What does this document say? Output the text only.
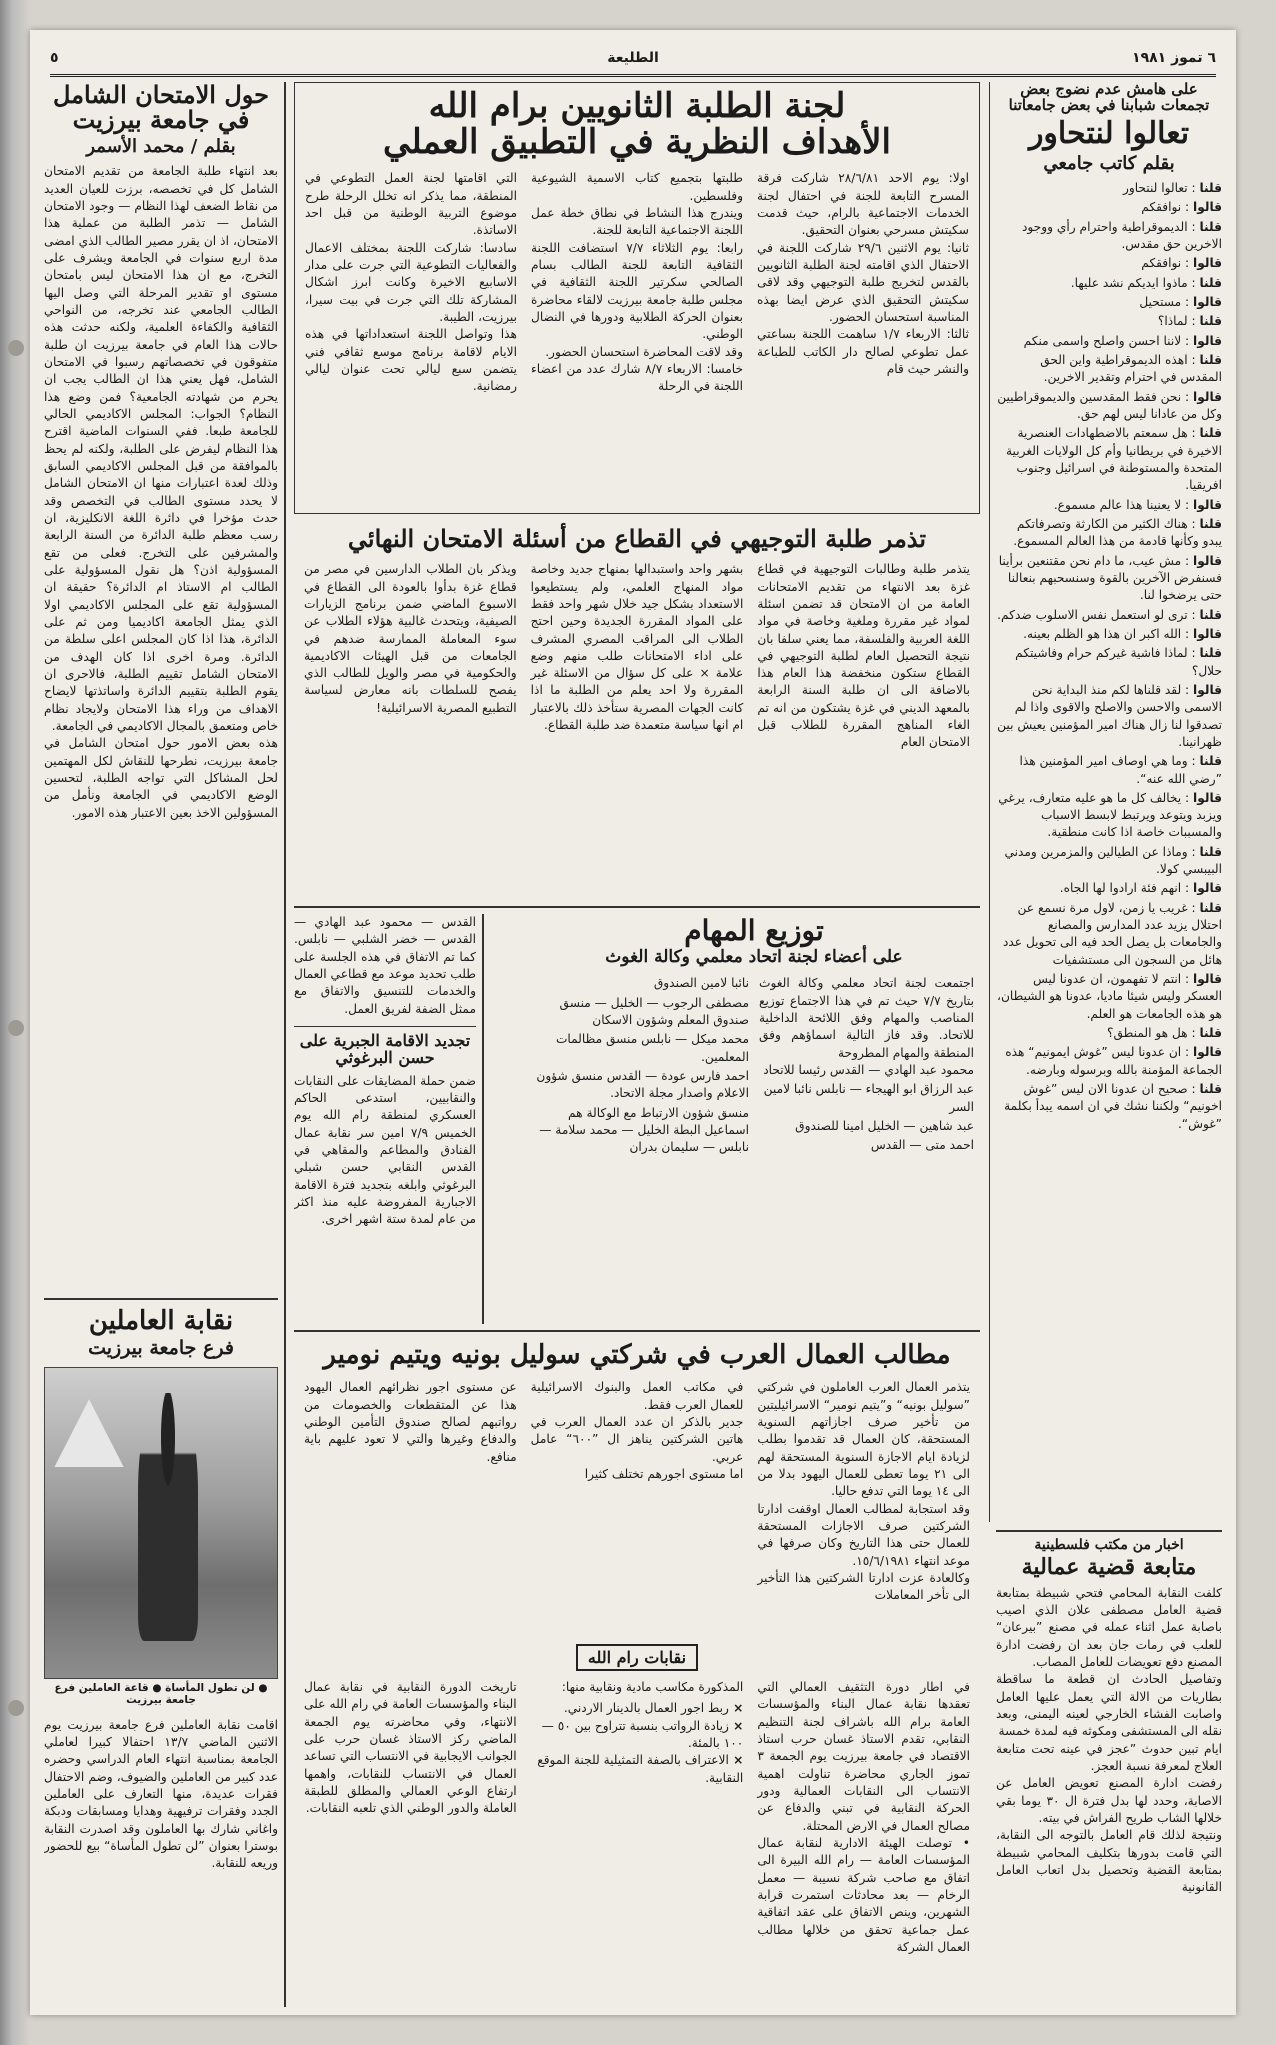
٦ تموز ١٩٨١
الطليعة
٥

على هامش عدم نضوج بعض تجمعات شبابنا في بعض جامعاتنا

تعالوا لنتحاور

بقلم كاتب جامعي

قلنا : تعالوا لنتحاور
قالوا : نوافقكم
قلنا : الديموقراطية واحترام رأي ووجود الاخرين حق مقدس.
قالوا : نوافقكم
قلنا : ماذوا ايديكم نشد عليها.
قالوا : مستحيل
قلنا : لماذا؟
قالوا : لاننا احسن واصلح واسمى منكم
قلنا : اهذه الديموقراطية واين الحق المقدس في احترام وتقدير الاخرين.
قالوا : نحن فقط المقدسين والديموقراطيين وكل من عادانا ليس لهم حق.
قلنا : هل سمعتم بالاضطهادات العنصرية الاخيرة في بريطانيا وأم كل الولايات الغربية المتحدة والمستوطنة في اسرائيل وجنوب افريقيا.
قالوا : لا يعنينا هذا عالم مسموع.
قلنا : هناك الكثير من الكارثة وتصرفاتكم يبدو وكأنها قادمة من هذا العالم المسموع.
قالوا : مش عيب، ما دام نحن مقتنعين برأينا فسنفرض الآخرين بالقوة وسنسحبهم بنعالنا حتى يرضخوا لنا.
قلنا : ترى لو استعمل نفس الاسلوب ضدكم.
قالوا : الله اكبر ان هذا هو الظلم بعينه.
قلنا : لماذا فاشية غيركم حرام وفاشيتكم حلال؟
قالوا : لقد قلناها لكم منذ البداية نحن الاسمى والاحسن والاصلح والاقوى واذا لم تصدقوا لنا زال هناك امير المؤمنين يعيش بين ظهرانينا.
قلنا : وما هي اوصاف امير المؤمنين هذا ”رضي الله عنه“.
قالوا : يخالف كل ما هو عليه متعارف، يرغي ويزبد ويتوعد ويرتبط لابسط الاسباب والمسببات خاصة اذا كانت منطقية.
قلنا : وماذا عن الطيالين والمزمرين ومدني البيبسي كولا.
قالوا : انهم فئة ارادوا لها الجاه.
قلنا : غريب يا زمن، لاول مرة نسمع عن احتلال يزيد عدد المدارس والمصانع والجامعات بل يصل الحد فيه الى تحويل عدد هائل من السجون الى مستشفيات
قالوا : انتم لا تفهمون، ان عدونا ليس العسكر وليس شيئا ماديا، عدونا هو الشيطان، هو هذه الجامعات هو العلم.
قلنا : هل هو المنطق؟
قالوا : ان عدونا ليس ”غوش ايمونيم“ هذه الجماعة المؤمنة بالله وبرسوله وبارضه.
قلنا : صحيح ان عدونا الان ليس ”غوش اخونيم“ ولكننا نشك في ان اسمه يبدأ بكلمة ”غوش“.

حول الامتحان الشامل في جامعة بيرزيت

بقلم / محمد الأسمر

بعد انتهاء طلبة الجامعة من تقديم الامتحان الشامل كل في تخصصه، برزت للعيان العديد من نقاط الضعف لهذا النظام — وجود الامتحان الشامل — تذمر الطلبة من عملية هذا الامتحان، اذ ان يقرر مصير الطالب الذي امضى مدة اربع سنوات في الجامعة ويشرف على التخرج، مع ان هذا الامتحان ليس بامتحان مستوى او تقدير المرحلة التي وصل اليها الطالب الجامعي عند تخرجه، من النواحي الثقافية والكفاءة العلمية، ولكنه حدثت هذه حالات هذا العام في جامعة بيرزيت ان طلبة متفوقون في تخصصاتهم رسبوا في الامتحان الشامل، فهل يعني هذا ان الطالب يجب ان يحرم من شهادته الجامعية؟ فمن وضع هذا النظام؟ الجواب: المجلس الاكاديمي الحالي للجامعة طبعا. ففي السنوات الماضية اقترح هذا النظام ليفرض على الطلبة، ولكنه لم يحظ بالموافقة من قبل المجلس الاكاديمي السابق وذلك لعدة اعتبارات منها ان الامتحان الشامل لا يحدد مستوى الطالب في التخصص وقد حدث مؤخرا في دائرة اللغة الانكليزية، ان رسب معظم طلبة الدائرة من السنة الرابعة والمشرفين على التخرج. فعلى من تقع المسؤولية اذن؟ هل نقول المسؤولية على الطالب ام الاستاذ ام الدائرة؟ حقيقة ان المسؤولية تقع على المجلس الاكاديمي اولا الذي يمثل الجامعة اكاديميا ومن ثم على الدائرة، هذا اذا كان المجلس اعلى سلطة من الدائرة. ومرة اخرى اذا كان الهدف من الامتحان الشامل تقييم الطلبة، فالاحرى ان يقوم الطلبة بتقييم الدائرة واساتذتها لايضاح الاهداف من وراء هذا الامتحان ولايجاد نظام خاص ومتعمق بالمجال الاكاديمي في الجامعة.
هذه بعض الامور حول امتحان الشامل في جامعة بيرزيت، نطرحها للنقاش لكل المهتمين لحل المشاكل التي تواجه الطلبة، لتحسين الوضع الاكاديمي في الجامعة ونأمل من المسؤولين الاخذ بعين الاعتبار هذه الامور.

نقابة العاملين

فرع جامعة بيرزيت

● لن تطول المأساة ● قاعة العاملين فرع جامعة بيرزيت

اقامت نقابة العاملين فرع جامعة بيرزيت يوم الاثنين الماضي ١٣/٧ احتفالا كبيرا لعاملي الجامعة بمناسبة انتهاء العام الدراسي وحضره عدد كبير من العاملين والضيوف، وضم الاحتفال فقرات عديدة، منها التعارف على العاملين الجدد وفقرات ترفيهية وهدايا ومسابقات ودبكة واغاني شارك بها العاملون وقد اصدرت النقابة بوسترا بعنوان ”لن تطول المأساة“ بيع للحضور وريعه للنقابة.

لجنة الطلبة الثانويين برام الله

الأهداف النظرية في التطبيق العملي

اولا: يوم الاحد ٢٨/٦/٨١ شاركت فرقة المسرح التابعة للجنة في احتفال لجنة الخدمات الاجتماعية بالرام، حيث قدمت سكيتش مسرحي بعنوان التحقيق.
ثانيا: يوم الاثنين ٢٩/٦ شاركت اللجنة في الاحتفال الذي اقامته لجنة الطلبة الثانويين بالقدس لتخريج طلبة التوجيهي وقد لاقى سكيتش التحقيق الذي عرض ايضا بهذه المناسبة استحسان الحضور.
ثالثا: الاربعاء ١/٧ ساهمت اللجنة بساعتي عمل تطوعي لصالح دار الكاتب للطباعة والنشر حيث قام

طلبتها بتجميع كتاب الاسمية الشيوعية وفلسطين.
ويندرج هذا النشاط في نطاق خطة عمل اللجنة الاجتماعية التابعة للجنة.
رابعا: يوم الثلاثاء ٧/٧ استضافت اللجنة الثقافية التابعة للجنة الطالب بسام الصالحي سكرتير اللجنة الثقافية في مجلس طلبة جامعة بيرزيت لالقاء محاضرة بعنوان الحركة الطلابية ودورها في النضال الوطني.
وقد لاقت المحاضرة استحسان الحضور.
خامسا: الاربعاء ٨/٧ شارك عدد من اعضاء اللجنة في الرحلة

التي اقامتها لجنة العمل التطوعي في المنطقة، مما يذكر انه تخلل الرحلة طرح موضوع التربية الوطنية من قبل احد الاساتذة.
سادسا: شاركت اللجنة بمختلف الاعمال والفعاليات التطوعية التي جرت على مدار الاسابيع الاخيرة وكانت ابرز اشكال المشاركة تلك التي جرت في بيت سيرا، بيرزيت، الطيبة.
هذا وتواصل اللجنة استعداداتها في هذه الايام لاقامة برنامج موسع ثقافي فني يتضمن سبع ليالي تحت عنوان ليالي رمضانية.

تذمر طلبة التوجيهي في القطاع من أسئلة الامتحان النهائي

يتذمر طلبة وطالبات التوجيهية في قطاع غزة بعد الانتهاء من تقديم الامتحانات العامة من ان الامتحان قد تضمن اسئلة لمواد غير مقررة وملغية وخاصة في مواد اللغة العربية والفلسفة، مما يعني سلفا بان نتيجة التحصيل العام لطلبة التوجيهي في القطاع ستكون منخفضة هذا العام هذا بالاضافة الى ان طلبة السنة الرابعة بالمعهد الديني في غزة يشتكون من انه تم الغاء المناهج المقررة للطلاب قبل الامتحان العام

بشهر واحد واستبدالها بمنهاج جديد وخاصة مواد المنهاج العلمي، ولم يستطيعوا الاستعداد بشكل جيد خلال شهر واحد فقط على المواد المقررة الجديدة وحين احتج الطلاب الى المراقب المصري المشرف على اداء الامتحانات طلب منهم وضع علامة × على كل سؤال من الاسئلة غير المقررة ولا احد يعلم من الطلبة ما اذا كانت الجهات المصرية ستأخذ ذلك بالاعتبار ام انها سياسة متعمدة ضد طلبة القطاع.

ويذكر بان الطلاب الدارسين في مصر من قطاع غزة بدأوا بالعودة الى القطاع في الاسبوع الماضي ضمن برنامج الزيارات الصيفية، ويتحدث غالبية هؤلاء الطلاب عن سوء المعاملة الممارسة ضدهم في الجامعات من قبل الهيئات الاكاديمية والحكومية في مصر والويل للطالب الذي يفصح للسلطات بانه معارض لسياسة التطبيع المصرية الاسرائيلية!

توزيع المهام

على أعضاء لجنة اتحاد معلمي وكالة الغوث

اجتمعت لجنة اتحاد معلمي وكالة الغوث بتاريخ ٧/٧ حيث تم في هذا الاجتماع توزيع المناصب والمهام وفق اللائحة الداخلية للاتحاد. وقد فاز التالية اسماؤهم وفق المنطقة والمهام المطروحة

محمود عبد الهادي — القدس رئيسا للاتحاد
عبد الرزاق ابو الهيجاء — نابلس نائبا لامين السر
عبد شاهين — الخليل امينا للصندوق
احمد متى — القدس
نائبا لامين الصندوق
مصطفى الرجوب — الخليل — منسق صندوق المعلم وشؤون الاسكان
محمد ميكل — نابلس منسق مظالمات المعلمين.
احمد فارس عودة — القدس منسق شؤون الاعلام واصدار مجلة الاتحاد.
منسق شؤون الارتباط مع الوكالة هم اسماعيل البطة الخليل — محمد سلامة — نابلس — سليمان بدران

القدس — محمود عبد الهادي — القدس — خضر الشلبي — نابلس. كما تم الاتفاق في هذه الجلسة على طلب تحديد موعد مع قطاعي العمال والخدمات للتنسيق والاتفاق مع ممثل الضفة لفريق العمل.

تجديد الاقامة الجبرية على حسن البرغوثي

ضمن حملة المضايقات على النقابات والنقابيين، استدعى الحاكم العسكري لمنطقة رام الله يوم الخميس ٧/٩ امين سر نقابة عمال الفنادق والمطاعم والمقاهي في القدس النقابي حسن شبلي البرغوثي وابلغه بتجديد فترة الاقامة الاجبارية المفروضة عليه منذ اكثر من عام لمدة ستة اشهر اخرى.

مطالب العمال العرب في شركتي سوليل بونيه ويتيم نومير

يتذمر العمال العرب العاملون في شركتي ”سوليل بونيه“ و”يتيم نومير“ الاسرائيليتين من تأخير صرف اجازاتهم السنوية المستحقة، كان العمال قد تقدموا بطلب لزيادة ايام الاجازة السنوية المستحقة لهم الى ٢١ يوما تعطى للعمال اليهود بدلا من الى ١٤ يوما التي تدفع حاليا.
وقد استجابة لمطالب العمال اوقفت ادارتا الشركتين صرف الاجازات المستحقة للعمال حتى هذا التاريخ وكان صرفها في موعد انتهاء ١٥/٦/١٩٨١.
وكالعادة عزت ادارتا الشركتين هذا التأخير الى تأخر المعاملات

في مكاتب العمل والبنوك الاسرائيلية للعمال العرب فقط.
جدير بالذكر ان عدد العمال العرب في هاتين الشركتين يناهز ال ”٦٠٠“ عامل عربي.
اما مستوى اجورهم تختلف كثيرا

عن مستوى اجور نظرائهم العمال اليهود هذا عن المتقطعات والخصومات من رواتبهم لصالح صندوق التأمين الوطني والدفاع وغيرها والتي لا تعود عليهم باية منافع.

نقابات رام الله

في اطار دورة التثقيف العمالي التي تعقدها نقابة عمال البناء والمؤسسات العامة برام الله باشراف لجنة التنظيم النقابي، تقدم الاستاذ غسان حرب استاذ الاقتصاد في جامعة بيرزيت يوم الجمعة ٣ تموز الجاري محاضرة تناولت اهمية الانتساب الى النقابات العمالية ودور الحركة النقابية في تبني والدفاع عن مصالح العمال في الارض المحتلة.
• توصلت الهيئة الادارية لنقابة عمال المؤسسات العامة — رام الله البيرة الى اتفاق مع صاحب شركة نسيبة — معمل الرخام — بعد محادثات استمرت قرابة الشهرين، وينص الاتفاق على عقد اتفاقية عمل جماعية تحقق من خلالها مطالب العمال الشركة

المذكورة مكاسب مادية ونقابية منها:

× ربط اجور العمال بالدينار الاردني.
× زيادة الرواتب بنسبة تتراوح بين ٥٠ — ١٠٠ بالمئة.
× الاعتراف بالصفة التمثيلية للجنة الموقع النقابية.

تاريخت الدورة النقابية في نقابة عمال البناء والمؤسسات العامة في رام الله على الانتهاء، وفي محاضرته يوم الجمعة الماضي ركز الاستاذ غسان حرب على الجوانب الايجابية في الانتساب التي تساعد العمال في الانتساب للنقابات، واهمها ارتفاع الوعي العمالي والمطلق للطبقة العاملة والدور الوطني الذي تلعبه النقابات.

اخبار من مكتب فلسطينية

متابعة قضية عمالية

كلفت النقابة المحامي فتحي شبيطة بمتابعة قضية العامل مصطفى علان الذي اصيب باصابة عمل اثناء عمله في مصنع ”بيرعان“ للعلب في رمات جان بعد ان رفضت ادارة المصنع دفع تعويضات للعامل المصاب.
وتفاصيل الحادث ان قطعة ما ساقطة بطاريات من الالة التي يعمل عليها العامل واصابت الفشاء الخارجي لعينه اليمنى، وبعد نقله الى المستشفى ومكوثه فيه لمدة خمسة

ايام تبين حدوث ”عجز في عينه تحت متابعة العلاج لمعرفة نسبة العجز.
رفضت ادارة المصنع تعويض العامل عن الاصابة، وحدد لها بدل فترة ال ٣٠ يوما بقي خلالها الشاب طريح الفراش في بيته.
ونتيجة لذلك قام العامل بالتوجه الى النقابة، التي قامت بدورها بتكليف المحامي شبيطة بمتابعة القضية وتحصيل بدل اتعاب العامل القانونية
